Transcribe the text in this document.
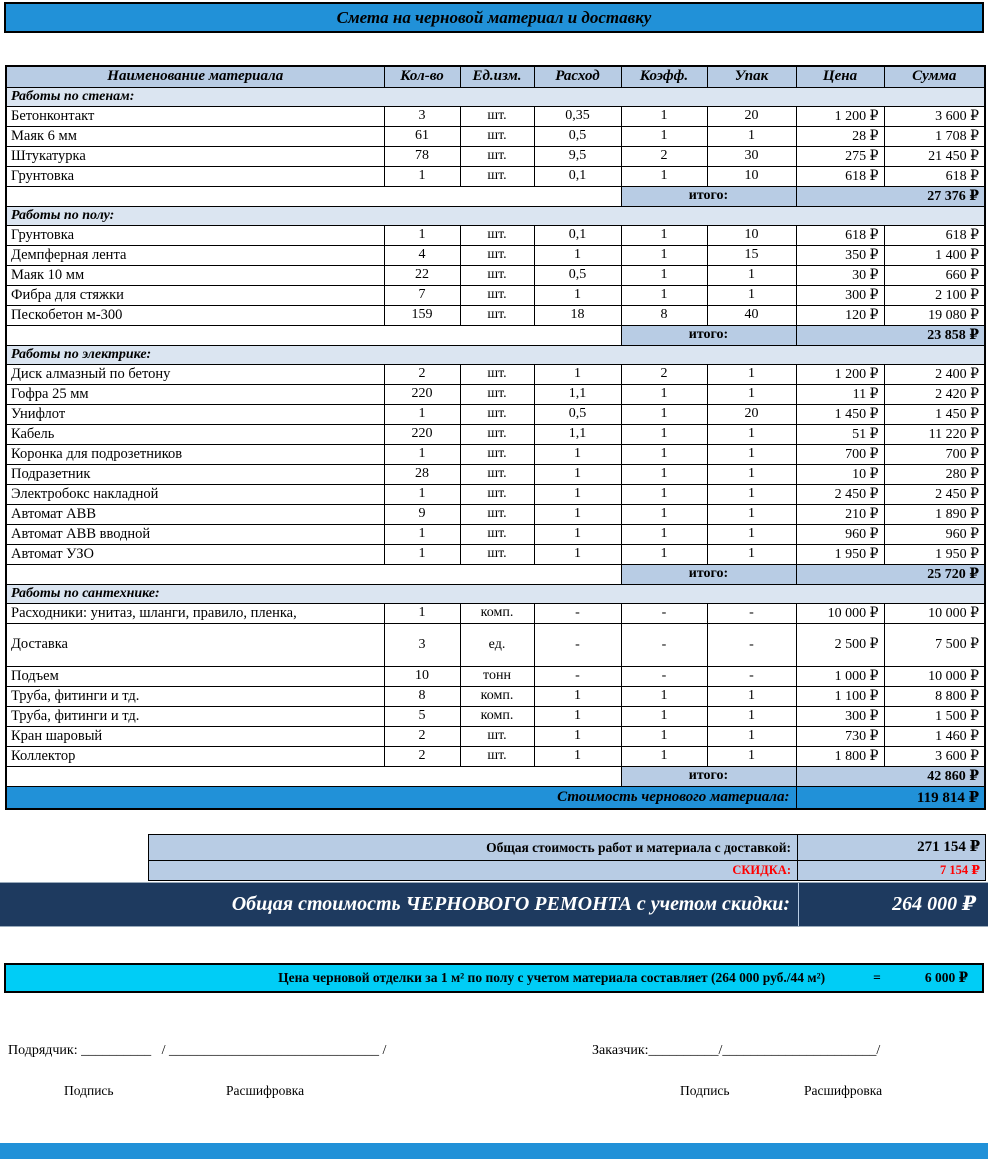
Смета на черновой материал и доставку
Наименование материала	Кол-во	Ед.изм.	Расход	Коэфф.	Упак	Цена	Сумма
Работы по стенам:							
Бетонконтакт	3	шт.	0,35	1	20	1 200 ₽	3 600 ₽
Маяк 6 мм	61	шт.	0,5	1	1	28 ₽	1 708 ₽
Штукатурка	78	шт.	9,5	2	30	275 ₽	21 450 ₽
Грунтовка	1	шт.	0,1	1	10	618 ₽	618 ₽
				итого:		27 376 ₽	
Работы по полу:							
Грунтовка	1	шт.	0,1	1	10	618 ₽	618 ₽
Демпферная лента	4	шт.	1	1	15	350 ₽	1 400 ₽
Маяк 10 мм	22	шт.	0,5	1	1	30 ₽	660 ₽
Фибра для стяжки	7	шт.	1	1	1	300 ₽	2 100 ₽
Пескобетон м-300	159	шт.	18	8	40	120 ₽	19 080 ₽
				итого:		23 858 ₽	
Работы по электрике:							
Диск алмазный по бетону	2	шт.	1	2	1	1 200 ₽	2 400 ₽
Гофра 25 мм	220	шт.	1,1	1	1	11 ₽	2 420 ₽
Унифлот	1	шт.	0,5	1	20	1 450 ₽	1 450 ₽
Кабель	220	шт.	1,1	1	1	51 ₽	11 220 ₽
Коронка для подрозетников	1	шт.	1	1	1	700 ₽	700 ₽
Подразетник	28	шт.	1	1	1	10 ₽	280 ₽
Электробокс накладной	1	шт.	1	1	1	2 450 ₽	2 450 ₽
Автомат АВВ	9	шт.	1	1	1	210 ₽	1 890 ₽
Автомат АВВ вводной	1	шт.	1	1	1	960 ₽	960 ₽
Автомат УЗО	1	шт.	1	1	1	1 950 ₽	1 950 ₽
				итого:		25 720 ₽	
Работы по сантехнике:							
Расходники: унитаз, шланги, правило, пленка,	1	комп.	-	-	-	10 000 ₽	10 000 ₽
Доставка	3	ед.	-	-	-	2 500 ₽	7 500 ₽
Подъем	10	тонн	-	-	-	1 000 ₽	10 000 ₽
Труба, фитинги и тд.	8	комп.	1	1	1	1 100 ₽	8 800 ₽
Труба, фитинги и тд.	5	комп.	1	1	1	300 ₽	1 500 ₽
Кран шаровый	2	шт.	1	1	1	730 ₽	1 460 ₽
Коллектор	2	шт.	1	1	1	1 800 ₽	3 600 ₽
				итого:		42 860 ₽	
Стоимость чернового материала:						119 814 ₽	
Общая стоимость работ и материала с доставкой:	271 154 ₽
СКИДКА:	7 154 ₽
Общая стоимость ЧЕРНОВОГО РЕМОНТА с учетом скидки:	264 000 ₽
Цена черновой отделки за 1 м² по полу с учетом материала составляет (264 000 руб./44 м²)	=	6 000 ₽
Подрядчик: __________   / ______________________________ /	Заказчик:__________/______________________/
Подпись	Расшифровка	Подпись	Расшифровка
